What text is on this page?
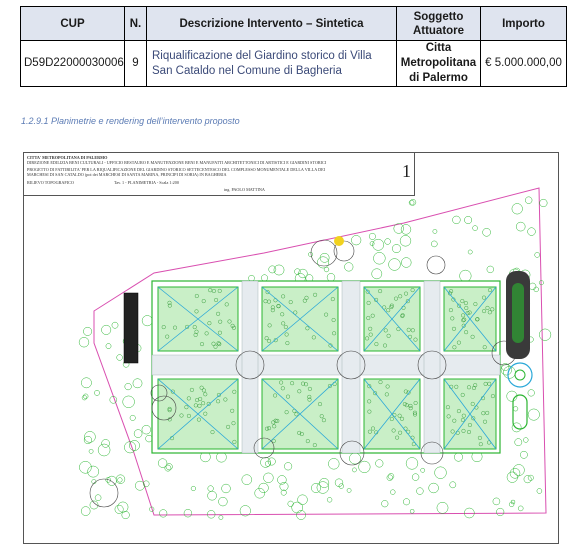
CUP	N.	Descrizione Intervento – Sintetica	Soggetto Attuatore	Importo
D59D22000030006	9	Riqualificazione del Giardino storico di Villa San Cataldo nel Comune di Bagheria	Citta Metropolitana di Palermo	€ 5.000.000,00
1.2.9.1 Planimetrie e rendering dell’intervento proposto
CITTA' METROPOLITANA DI PALERMO
DIREZIONE EDILIZIA BENI CULTURALI - UFFICIO RESTAURO E MANUTENZIONE BENI E MANUFATTI ARCHITETTONICI DI ARTISTICI E GIARDINI STORICI
PROGETTO DI FATTIBILITA' PER LA RIQUALIFICAZIONE DEL GIARDINO STORICO SETTECENTESCO DEL COMPLESSO MONUMENTALE DELLA VILLA DEI
MARCHESI DI SAN CATALDO (poi dei MARCHESI DI SANTA MARINA, PRINCIPI DI SORIA) IN BAGHERIA
RILIEVO TOPOGRAFICO	Tav. 1 - PLANIMETRIA - Scala 1:200
ing. PAOLO MATTINA
1
